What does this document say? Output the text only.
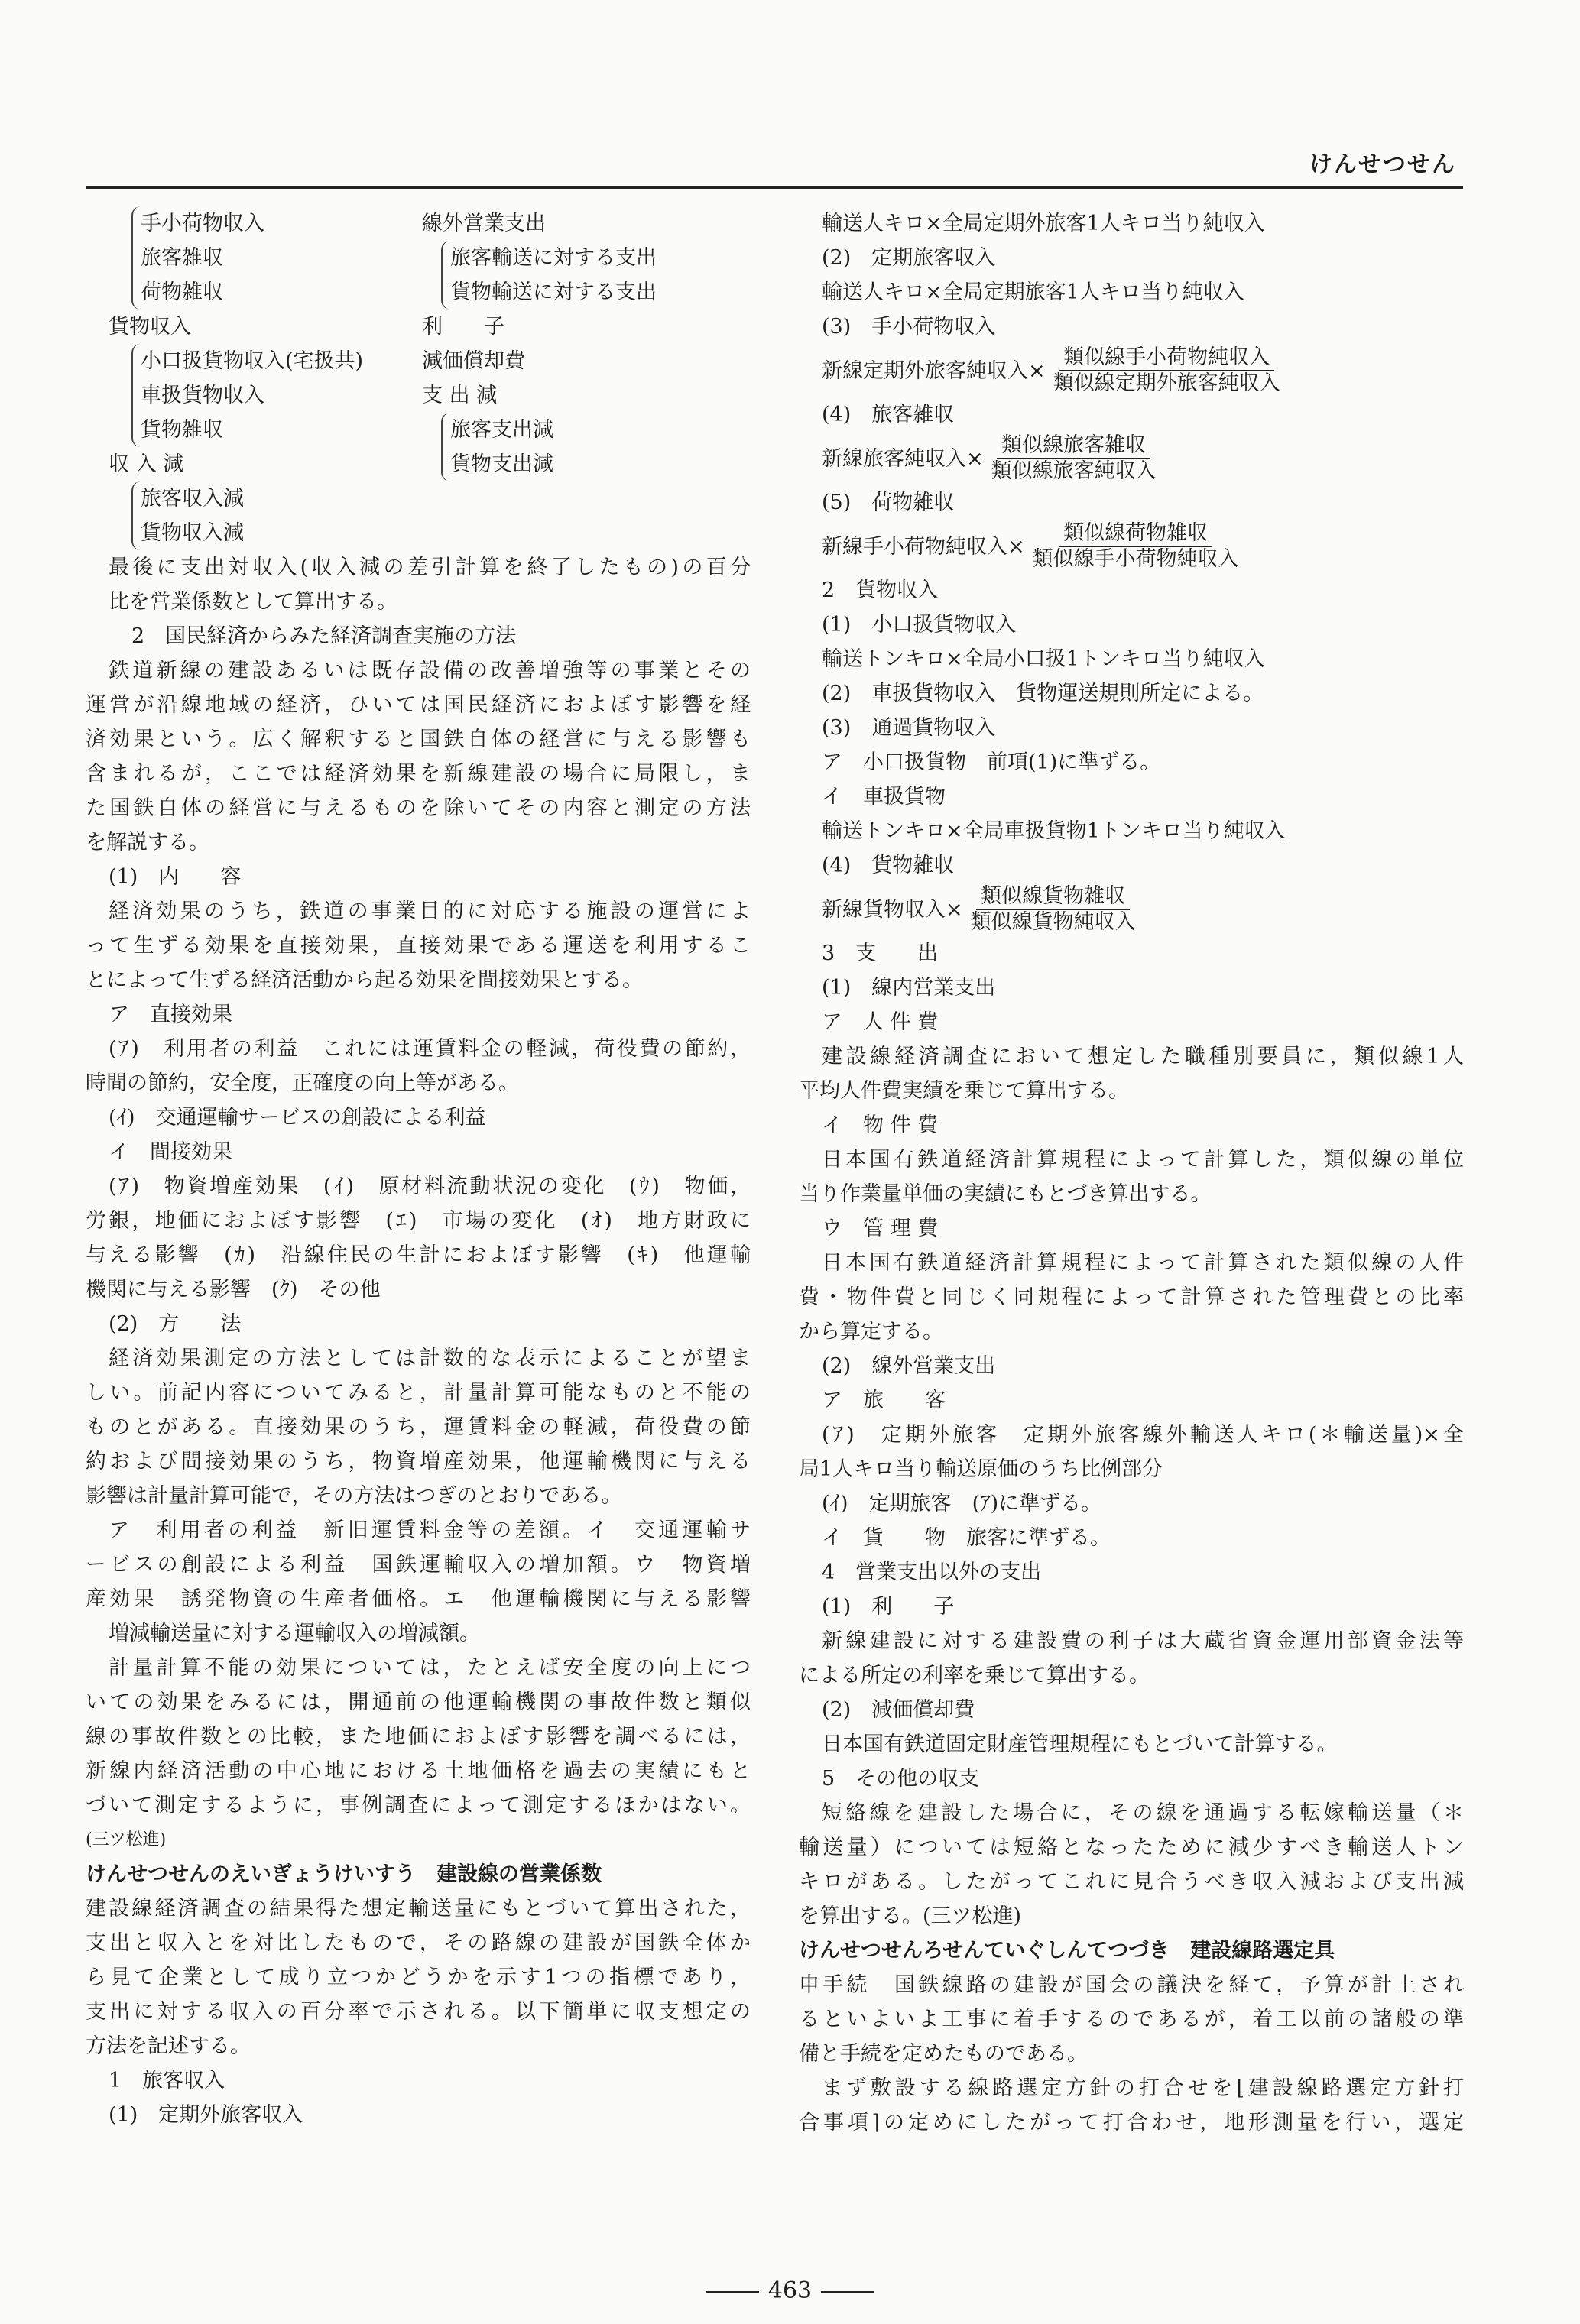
けんせつせん
手小荷物収入
旅客雑収
荷物雑収
貨物収入
小口扱貨物収入(宅扱共)
車扱貨物収入
貨物雑収
収 入 減
旅客収入減
貨物収入減
線外営業支出
旅客輸送に対する支出
貨物輸送に対する支出
利　　子
減価償却費
支 出 減
旅客支出減
貨物支出減
最後に支出対収入(収入減の差引計算を終了したもの)の百分
比を営業係数として算出する。
2　国民経済からみた経済調査実施の方法
鉄道新線の建設あるいは既存設備の改善増強等の事業とその
運営が沿線地域の経済，ひいては国民経済におよぼす影響を経
済効果という。広く解釈すると国鉄自体の経営に与える影響も
含まれるが，ここでは経済効果を新線建設の場合に局限し，ま
た国鉄自体の経営に与えるものを除いてその内容と測定の方法
を解説する。
(1)　内　　容
経済効果のうち，鉄道の事業目的に対応する施設の運営によ
って生ずる効果を直接効果，直接効果である運送を利用するこ
とによって生ずる経済活動から起る効果を間接効果とする。
ア　直接効果
(ｱ)　利用者の利益　これには運賃料金の軽減，荷役費の節約，
時間の節約，安全度，正確度の向上等がある。
(ｲ)　交通運輸サービスの創設による利益
イ　間接効果
(ｱ)　物資増産効果　(ｲ)　原材料流動状況の変化　(ｳ)　物価，
労銀，地価におよぼす影響　(ｴ)　市場の変化　(ｵ)　地方財政に
与える影響　(ｶ)　沿線住民の生計におよぼす影響　(ｷ)　他運輸
機関に与える影響　(ｸ)　その他
(2)　方　　法
経済効果測定の方法としては計数的な表示によることが望ま
しい。前記内容についてみると，計量計算可能なものと不能の
ものとがある。直接効果のうち，運賃料金の軽減，荷役費の節
約および間接効果のうち，物資増産効果，他運輸機関に与える
影響は計量計算可能で，その方法はつぎのとおりである。
ア　利用者の利益　新旧運賃料金等の差額。イ　交通運輸サ
ービスの創設による利益　国鉄運輸収入の増加額。ウ　物資増
産効果　誘発物資の生産者価格。エ　他運輸機関に与える影響
増減輸送量に対する運輸収入の増減額。
計量計算不能の効果については，たとえば安全度の向上につ
いての効果をみるには，開通前の他運輸機関の事故件数と類似
線の事故件数との比較，また地価におよぼす影響を調べるには，
新線内経済活動の中心地における土地価格を過去の実績にもと
づいて測定するように，事例調査によって測定するほかはない。
(三ツ松進)
けんせつせんのえいぎょうけいすう　建設線の営業係数
建設線経済調査の結果得た想定輸送量にもとづいて算出された，
支出と収入とを対比したもので，その路線の建設が国鉄全体か
ら見て企業として成り立つかどうかを示す1つの指標であり，
支出に対する収入の百分率で示される。以下簡単に収支想定の
方法を記述する。
1　旅客収入
(1)　定期外旅客収入
輸送人キロ×全局定期外旅客1人キロ当り純収入
(2)　定期旅客収入
輸送人キロ×全局定期旅客1人キロ当り純収入
(3)　手小荷物収入
新線定期外旅客純収入× $\frac{\text{類似線手小荷物純収入}}{\text{類似線定期外旅客純収入}}$
(4)　旅客雑収
新線旅客純収入× $\frac{\text{類似線旅客雑収}}{\text{類似線旅客純収入}}$
(5)　荷物雑収
新線手小荷物純収入× $\frac{\text{類似線荷物雑収}}{\text{類似線手小荷物純収入}}$
2　貨物収入
(1)　小口扱貨物収入
輸送トンキロ×全局小口扱1トンキロ当り純収入
(2)　車扱貨物収入　貨物運送規則所定による。
(3)　通過貨物収入
ア　小口扱貨物　前項(1)に準ずる。
イ　車扱貨物
輸送トンキロ×全局車扱貨物1トンキロ当り純収入
(4)　貨物雑収
新線貨物収入× $\frac{\text{類似線貨物雑収}}{\text{類似線貨物純収入}}$
3　支　　出
(1)　線内営業支出
ア　人 件 費
建設線経済調査において想定した職種別要員に，類似線1人
平均人件費実績を乗じて算出する。
イ　物 件 費
日本国有鉄道経済計算規程によって計算した，類似線の単位
当り作業量単価の実績にもとづき算出する。
ウ　管 理 費
日本国有鉄道経済計算規程によって計算された類似線の人件
費・物件費と同じく同規程によって計算された管理費との比率
から算定する。
(2)　線外営業支出
ア　旅　　客
(ｱ)　定期外旅客　定期外旅客線外輸送人キロ(＊輸送量)×全
局1人キロ当り輸送原価のうち比例部分
(ｲ)　定期旅客　(ｱ)に準ずる。
イ　貨　　物　旅客に準ずる。
4　営業支出以外の支出
(1)　利　　子
新線建設に対する建設費の利子は大蔵省資金運用部資金法等
による所定の利率を乗じて算出する。
(2)　減価償却費
日本国有鉄道固定財産管理規程にもとづいて計算する。
5　その他の収支
短絡線を建設した場合に，その線を通過する転嫁輸送量（＊
輸送量）については短絡となったために減少すべき輸送人トン
キロがある。したがってこれに見合うべき収入減および支出減
を算出する。(三ツ松進)
けんせつせんろせんていぐしんてつづき　建設線路選定具
申手続　国鉄線路の建設が国会の議決を経て，予算が計上され
るといよいよ工事に着手するのであるが，着工以前の諸般の準
備と手続を定めたものである。
まず敷設する線路選定方針の打合せを⌊建設線路選定方針打
合事項⌉の定めにしたがって打合わせ，地形測量を行い，選定
463
